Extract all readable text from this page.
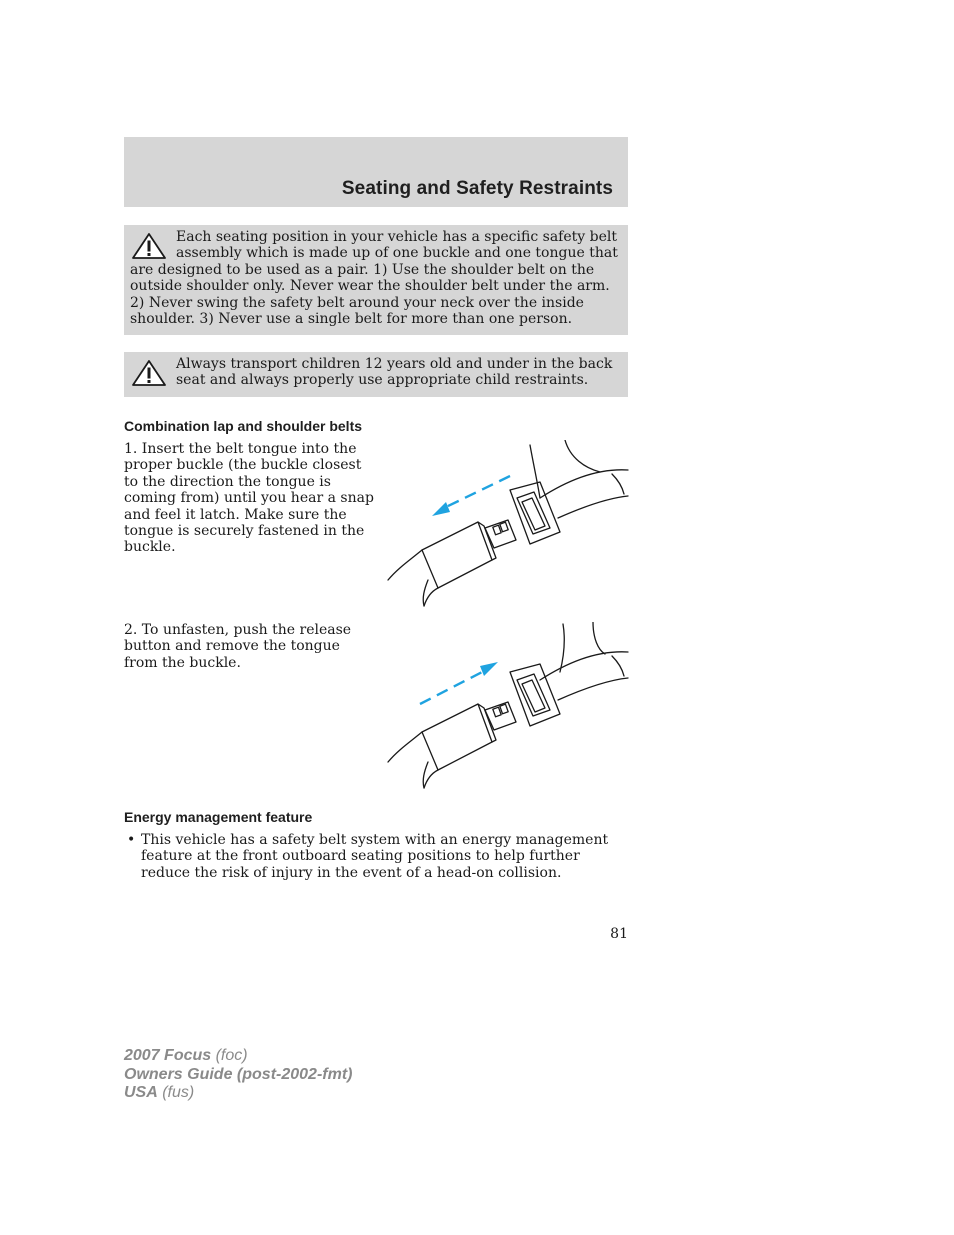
Seating and Safety Restraints
Each seating position in your vehicle has a specific safety belt assembly which is made up of one buckle and one tongue that are designed to be used as a pair. 1) Use the shoulder belt on the outside shoulder only. Never wear the shoulder belt under the arm. 2) Never swing the safety belt around your neck over the inside shoulder. 3) Never use a single belt for more than one person.
Always transport children 12 years old and under in the back seat and always properly use appropriate child restraints.
Combination lap and shoulder belts
1. Insert the belt tongue into the proper buckle (the buckle closest to the direction the tongue is coming from) until you hear a snap and feel it latch. Make sure the tongue is securely fastened in the buckle.
2. To unfasten, push the release button and remove the tongue from the buckle.
Energy management feature
• This vehicle has a safety belt system with an energy management feature at the front outboard seating positions to help further reduce the risk of injury in the event of a head-on collision.
81
2007 Focus (foc)
Owners Guide (post-2002-fmt)
USA (fus)
